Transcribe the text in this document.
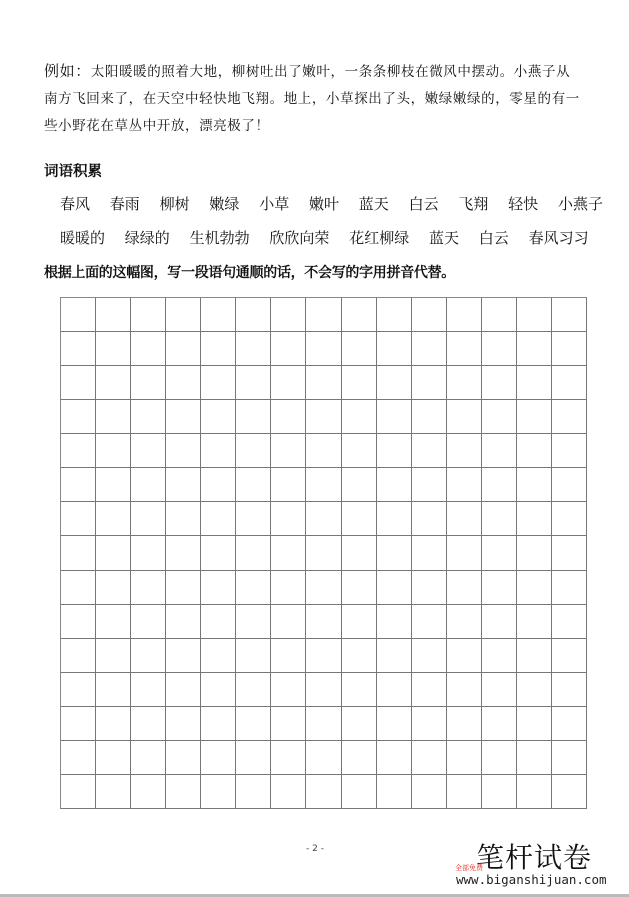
例如：太阳暖暖的照着大地，柳树吐出了嫩叶，一条条柳枝在微风中摆动。小燕子从南方飞回来了，在天空中轻快地飞翔。地上，小草探出了头，嫩绿嫩绿的，零星的有一些小野花在草丛中开放，漂亮极了！
词语积累
春风 春雨 柳树 嫩绿 小草 嫩叶 蓝天 白云 飞翔 轻快 小燕子
暖暖的 绿绿的 生机勃勃 欣欣向荣 花红柳绿 蓝天 白云 春风习习
根据上面的这幅图，写一段语句通顺的话，不会写的字用拼音代替。
- 2 -	笔杆试卷
全部免费
www.biganshijuan.com
